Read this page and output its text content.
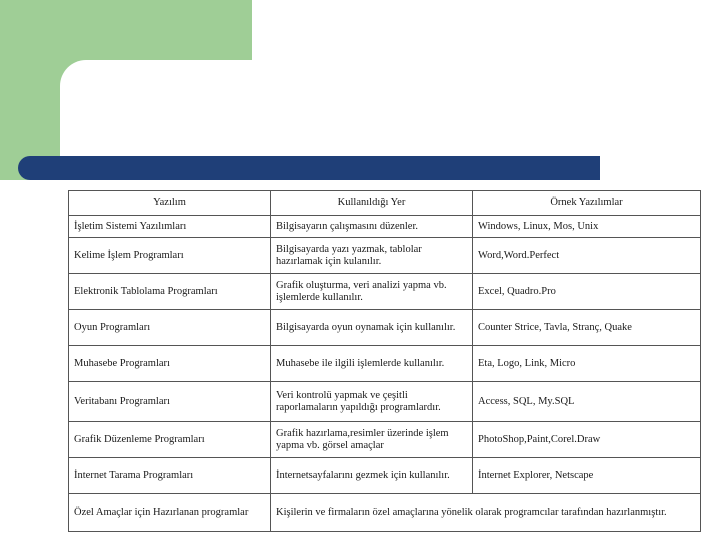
Yazılım	Kullanıldığı Yer	Örnek Yazılımlar
İşletim Sistemi Yazılımları	Bilgisayarın çalışmasını düzenler.	Windows, Linux, Mos, Unix
Kelime İşlem Programları	Bilgisayarda yazı yazmak, tablolar hazırlamak için kulanılır.	Word,Word.Perfect
Elektronik Tablolama Programları	Grafik oluşturma, veri analizi yapma vb. işlemlerde kullanılır.	Excel, Quadro.Pro
Oyun Programları	Bilgisayarda oyun oynamak için kullanılır.	Counter Strice, Tavla, Stranç, Quake
Muhasebe Programları	Muhasebe ile ilgili işlemlerde kullanılır.	Eta, Logo, Link, Micro
Veritabanı Programları	Veri kontrolü yapmak ve çeşitli raporlamaların yapıldığı programlardır.	Access, SQL, My.SQL
Grafik Düzenleme Programları	Grafik hazırlama,resimler üzerinde işlem yapma vb. görsel amaçlar	PhotoShop,Paint,Corel.Draw
İnternet Tarama Programları	İnternetsayfalarını gezmek için kullanılır.	İnternet Explorer, Netscape
Özel Amaçlar için Hazırlanan programlar	Kişilerin ve firmaların özel amaçlarına yönelik olarak programcılar tarafından hazırlanmıştır.	
